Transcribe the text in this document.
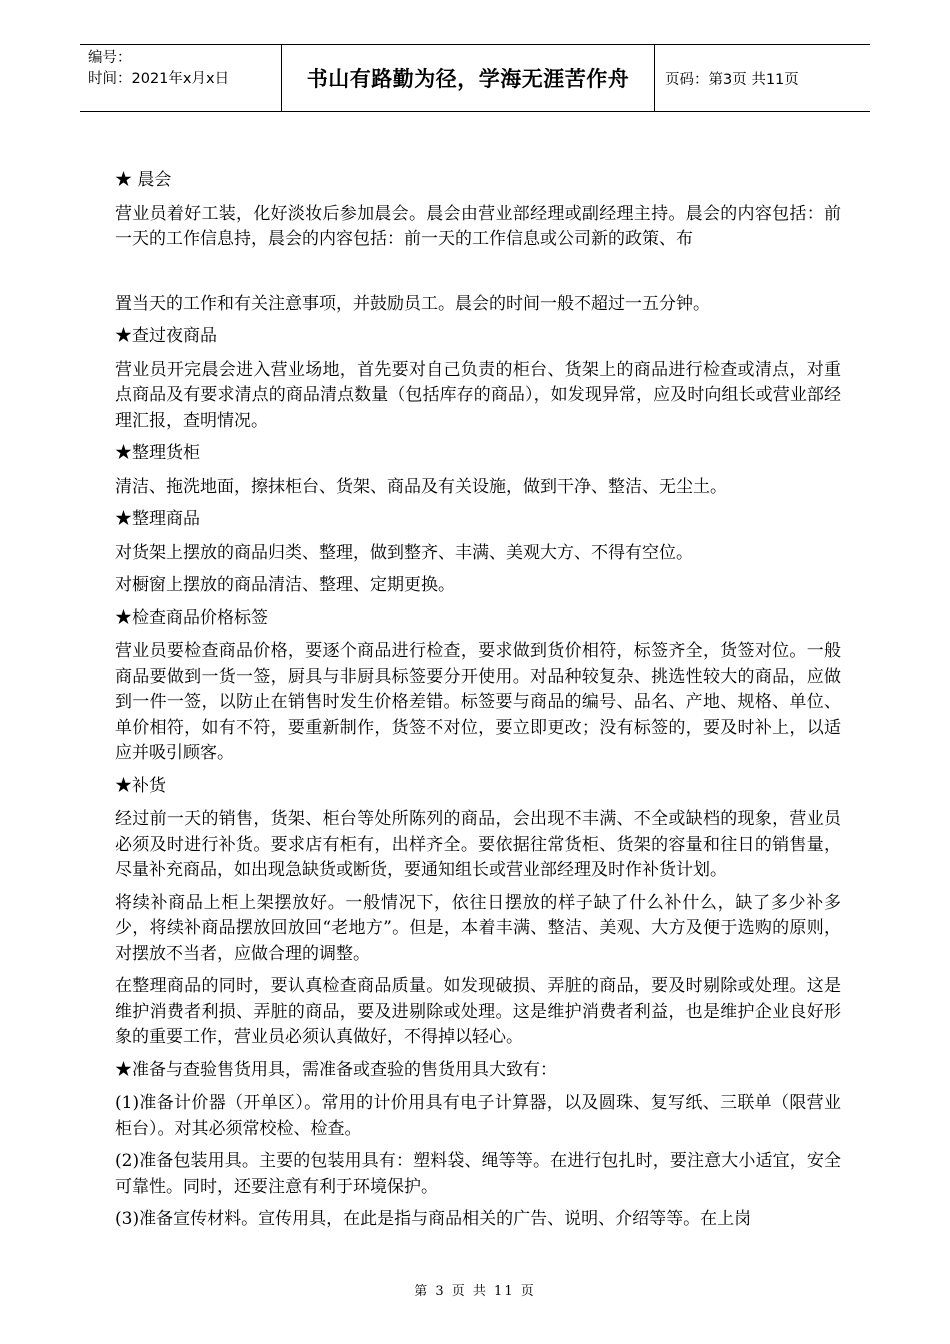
编号：
时间：2021年x月x日	书山有路勤为径，学海无涯苦作舟	页码：第3页 共11页
★ 晨会

营业员着好工装，化好淡妆后参加晨会。晨会由营业部经理或副经理主持。晨会的内容包括：前一天的工作信息持，晨会的内容包括：前一天的工作信息或公司新的政策、布

置当天的工作和有关注意事项，并鼓励员工。晨会的时间一般不超过一五分钟。

★查过夜商品

营业员开完晨会进入营业场地，首先要对自己负责的柜台、货架上的商品进行检查或清点，对重点商品及有要求清点的商品清点数量（包括库存的商品），如发现异常，应及时向组长或营业部经理汇报，查明情况。

★整理货柜

清洁、拖洗地面，擦抹柜台、货架、商品及有关设施，做到干净、整洁、无尘土。

★整理商品

对货架上摆放的商品归类、整理，做到整齐、丰满、美观大方、不得有空位。

对橱窗上摆放的商品清洁、整理、定期更换。

★检查商品价格标签

营业员要检查商品价格，要逐个商品进行检查，要求做到货价相符，标签齐全，货签对位。一般商品要做到一货一签，厨具与非厨具标签要分开使用。对品种较复杂、挑选性较大的商品，应做到一件一签，以防止在销售时发生价格差错。标签要与商品的编号、品名、产地、规格、单位、单价相符，如有不符，要重新制作，货签不对位，要立即更改；没有标签的，要及时补上，以适应并吸引顾客。

★补货

经过前一天的销售，货架、柜台等处所陈列的商品，会出现不丰满、不全或缺档的现象，营业员必须及时进行补货。要求店有柜有，出样齐全。要依据往常货柜、货架的容量和往日的销售量，尽量补充商品，如出现急缺货或断货，要通知组长或营业部经理及时作补货计划。

将续补商品上柜上架摆放好。一般情况下，依往日摆放的样子缺了什么补什么，缺了多少补多少，将续补商品摆放回放回“老地方”。但是，本着丰满、整洁、美观、大方及便于选购的原则，对摆放不当者，应做合理的调整。

在整理商品的同时，要认真检查商品质量。如发现破损、弄脏的商品，要及时剔除或处理。这是维护消费者利损、弄脏的商品，要及进剔除或处理。这是维护消费者利益，也是维护企业良好形象的重要工作，营业员必须认真做好，不得掉以轻心。

★准备与查验售货用具，需准备或查验的售货用具大致有：

(1)准备计价器（开单区）。常用的计价用具有电子计算器，以及圆珠、复写纸、三联单（限营业柜台）。对其必须常校检、检查。

(2)准备包装用具。主要的包装用具有：塑料袋、绳等等。在进行包扎时，要注意大小适宜，安全可靠性。同时，还要注意有利于环境保护。

(3)准备宣传材料。宣传用具，在此是指与商品相关的广告、说明、介绍等等。在上岗

第 3 页 共 11 页
